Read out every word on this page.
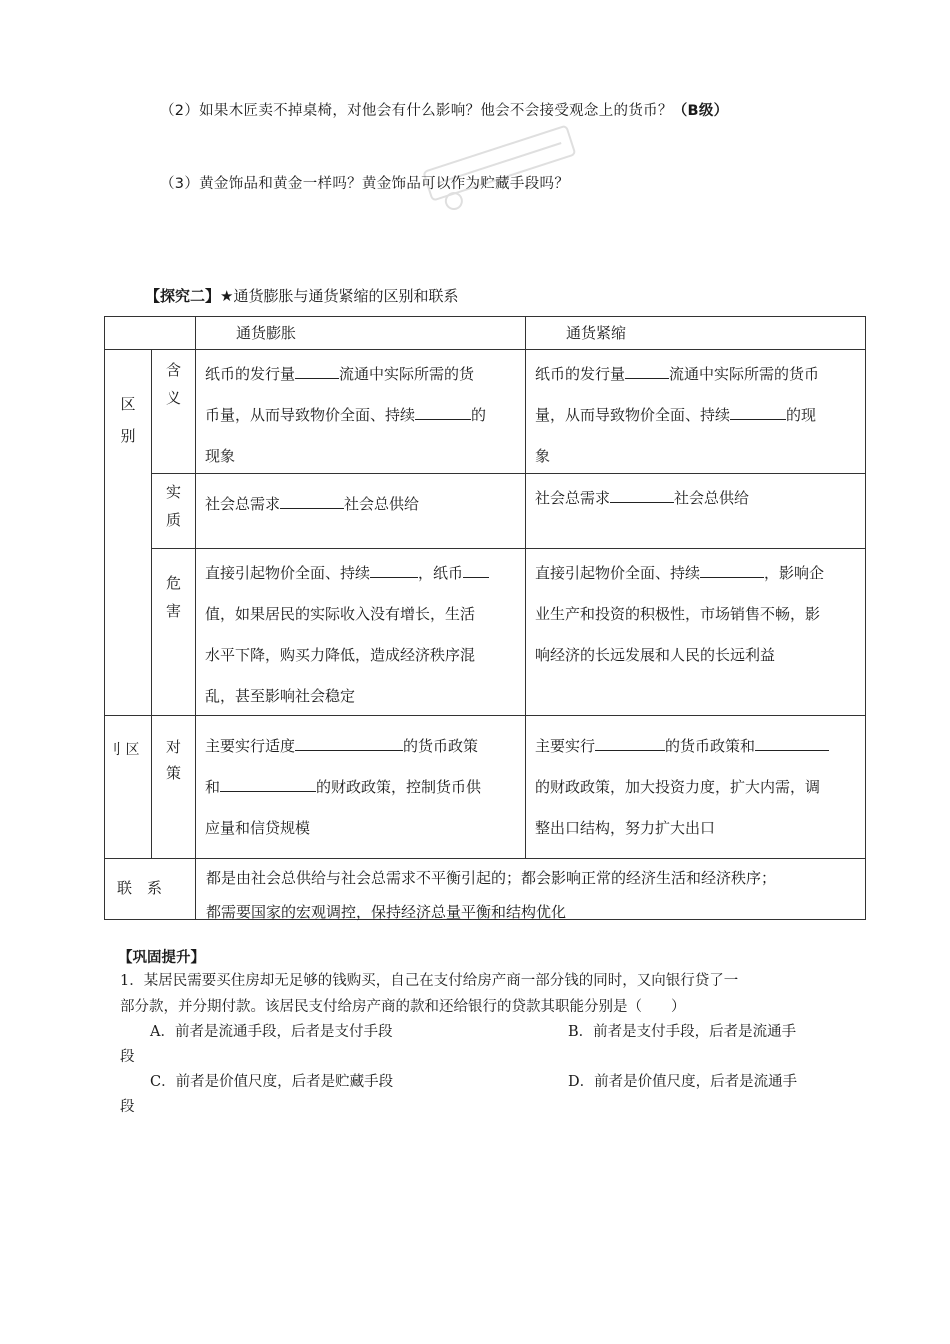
（2）如果木匠卖不掉桌椅，对他会有什么影响？他会不会接受观念上的货币？（B级）
（3）黄金饰品和黄金一样吗？黄金饰品可以作为贮藏手段吗？
【探究二】★通货膨胀与通货紧缩的区别和联系

		通货膨胀	通货紧缩

区别	含义	纸币的发行量 流通中实际所需的货
币量，从而导致物价全面、持续 的
现象	纸币的发行量 流通中实际所需的货币
量，从而导致物价全面、持续 的现
象

	实质	社会总需求 社会总供给	社会总需求 社会总供给

	危害	直接引起物价全面、持续 ，纸币
值，如果居民的实际收入没有增长，生活
水平下降，购买力降低，造成经济秩序混
乱，甚至影响社会稳定	直接引起物价全面、持续 ，影响企
业生产和投资的积极性，市场销售不畅，影
响经济的长远发展和人民的长远利益

刂 区	对策	主要实行适度 的货币政策
和 的财政政策，控制货币供
应量和信贷规模	主要实行 的货币政策和
的财政政策，加大投资力度，扩大内需，调
整出口结构，努力扩大出口

联　系		都是由社会总供给与社会总需求不平衡引起的；都会影响正常的经济生活和经济秩序；
都需要国家的宏观调控，保持经济总量平衡和结构优化	
【巩固提升】
1．某居民需要买住房却无足够的钱购买，自己在支付给房产商一部分钱的同时，又向银行贷了一
部分款，并分期付款。该居民支付给房产商的款和还给银行的贷款其职能分别是（　　）
A．前者是流通手段，后者是支付手段	B．前者是支付手段，后者是流通手
段
C．前者是价值尺度，后者是贮藏手段	D．前者是价值尺度，后者是流通手
段
